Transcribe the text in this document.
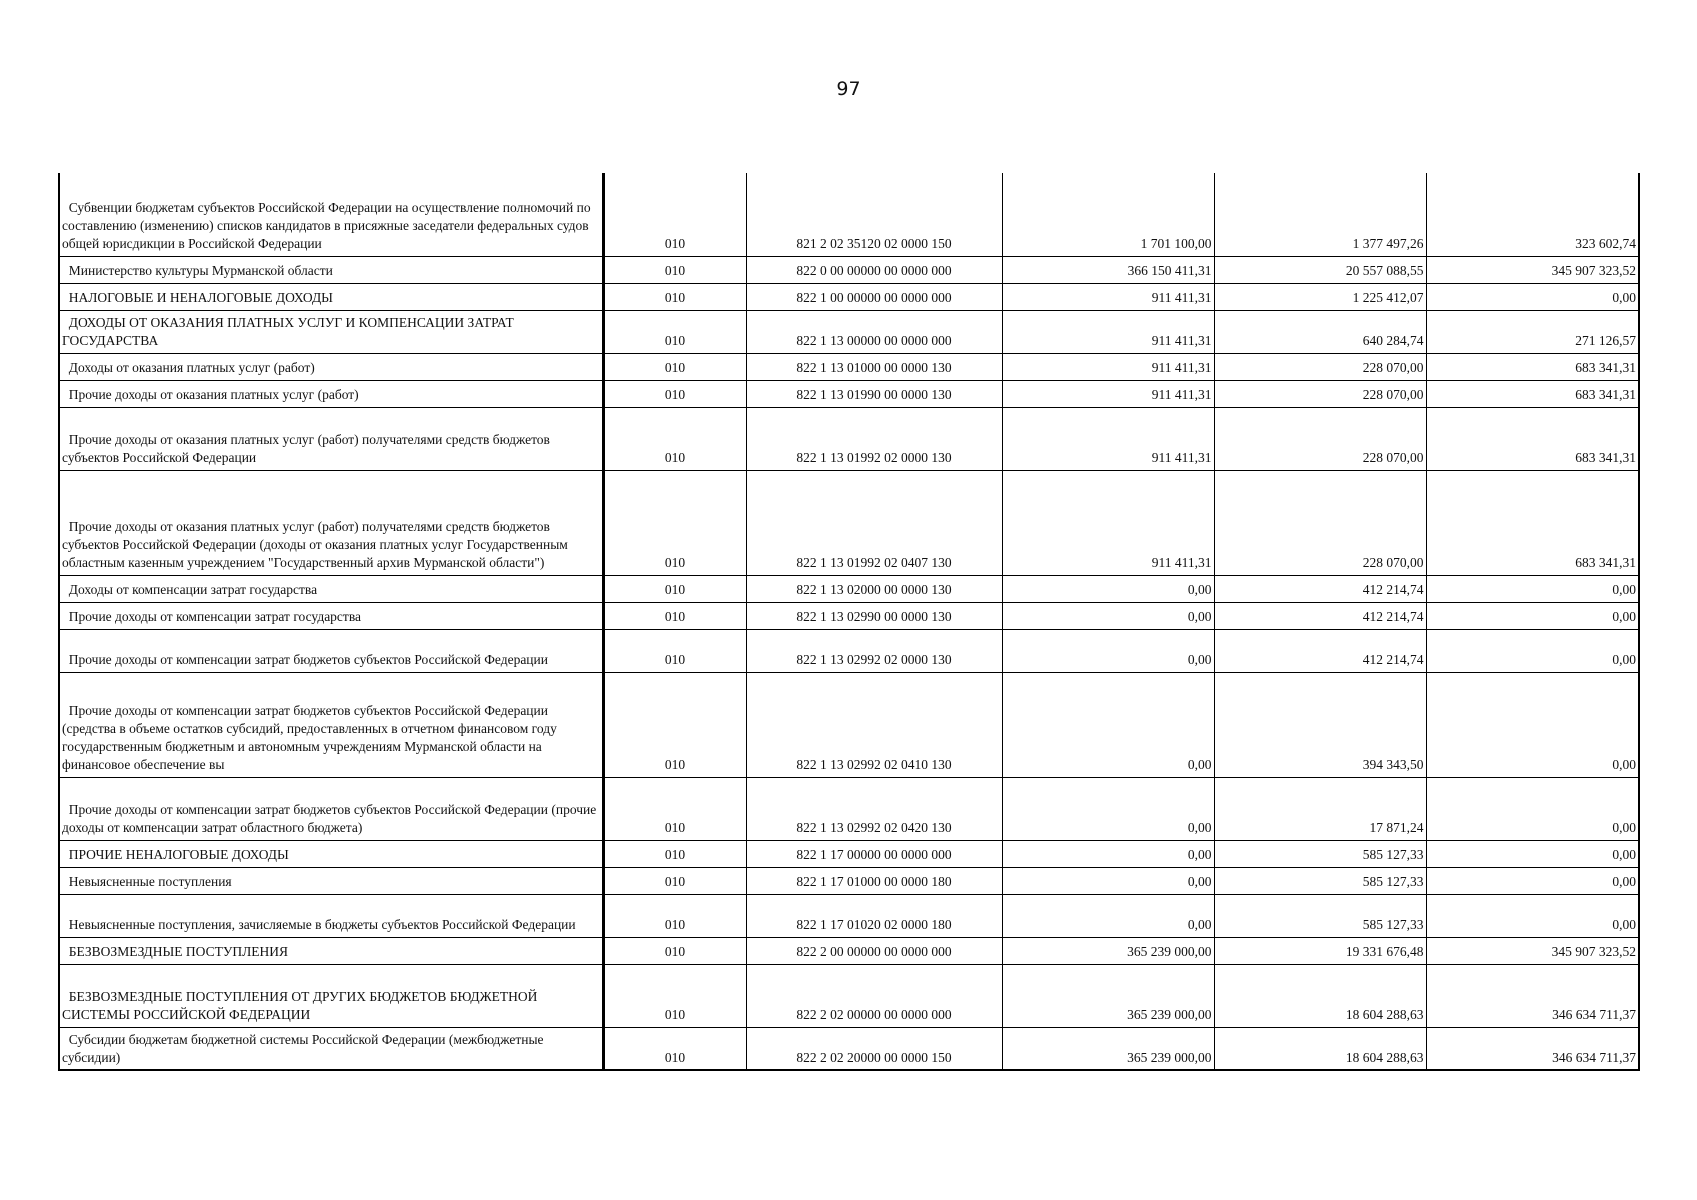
97
Субвенции бюджетам субъектов Российской Федерации на осуществление полномочий по составлению (изменению) списков кандидатов в присяжные заседатели федеральных судов общей юрисдикции в Российской Федерации	010	821 2 02 35120 02 0000 150	1 701 100,00	1 377 497,26	323 602,74
Министерство культуры Мурманской области	010	822 0 00 00000 00 0000 000	366 150 411,31	20 557 088,55	345 907 323,52
НАЛОГОВЫЕ И НЕНАЛОГОВЫЕ ДОХОДЫ	010	822 1 00 00000 00 0000 000	911 411,31	1 225 412,07	0,00
ДОХОДЫ ОТ ОКАЗАНИЯ ПЛАТНЫХ УСЛУГ И КОМПЕНСАЦИИ ЗАТРАТ ГОСУДАРСТВА	010	822 1 13 00000 00 0000 000	911 411,31	640 284,74	271 126,57
Доходы от оказания платных услуг (работ)	010	822 1 13 01000 00 0000 130	911 411,31	228 070,00	683 341,31
Прочие доходы от оказания платных услуг (работ)	010	822 1 13 01990 00 0000 130	911 411,31	228 070,00	683 341,31
Прочие доходы от оказания платных услуг (работ) получателями средств бюджетов субъектов Российской Федерации	010	822 1 13 01992 02 0000 130	911 411,31	228 070,00	683 341,31
Прочие доходы от оказания платных услуг (работ) получателями средств бюджетов субъектов Российской Федерации (доходы от оказания платных услуг Государственным областным казенным учреждением "Государственный архив Мурманской области")	010	822 1 13 01992 02 0407 130	911 411,31	228 070,00	683 341,31
Доходы от компенсации затрат государства	010	822 1 13 02000 00 0000 130	0,00	412 214,74	0,00
Прочие доходы от компенсации затрат государства	010	822 1 13 02990 00 0000 130	0,00	412 214,74	0,00
Прочие доходы от компенсации затрат бюджетов субъектов Российской Федерации	010	822 1 13 02992 02 0000 130	0,00	412 214,74	0,00
Прочие доходы от компенсации затрат бюджетов субъектов Российской Федерации (средства в объеме остатков субсидий, предоставленных в отчетном финансовом году государственным бюджетным и автономным учреждениям Мурманской области на финансовое обеспечение вы	010	822 1 13 02992 02 0410 130	0,00	394 343,50	0,00
Прочие доходы от компенсации затрат бюджетов субъектов Российской Федерации (прочие доходы от компенсации затрат областного бюджета)	010	822 1 13 02992 02 0420 130	0,00	17 871,24	0,00
ПРОЧИЕ НЕНАЛОГОВЫЕ ДОХОДЫ	010	822 1 17 00000 00 0000 000	0,00	585 127,33	0,00
Невыясненные поступления	010	822 1 17 01000 00 0000 180	0,00	585 127,33	0,00
Невыясненные поступления, зачисляемые в бюджеты субъектов Российской Федерации	010	822 1 17 01020 02 0000 180	0,00	585 127,33	0,00
БЕЗВОЗМЕЗДНЫЕ ПОСТУПЛЕНИЯ	010	822 2 00 00000 00 0000 000	365 239 000,00	19 331 676,48	345 907 323,52
БЕЗВОЗМЕЗДНЫЕ ПОСТУПЛЕНИЯ ОТ ДРУГИХ БЮДЖЕТОВ БЮДЖЕТНОЙ СИСТЕМЫ РОССИЙСКОЙ ФЕДЕРАЦИИ	010	822 2 02 00000 00 0000 000	365 239 000,00	18 604 288,63	346 634 711,37
Субсидии бюджетам бюджетной системы Российской Федерации (межбюджетные субсидии)	010	822 2 02 20000 00 0000 150	365 239 000,00	18 604 288,63	346 634 711,37
